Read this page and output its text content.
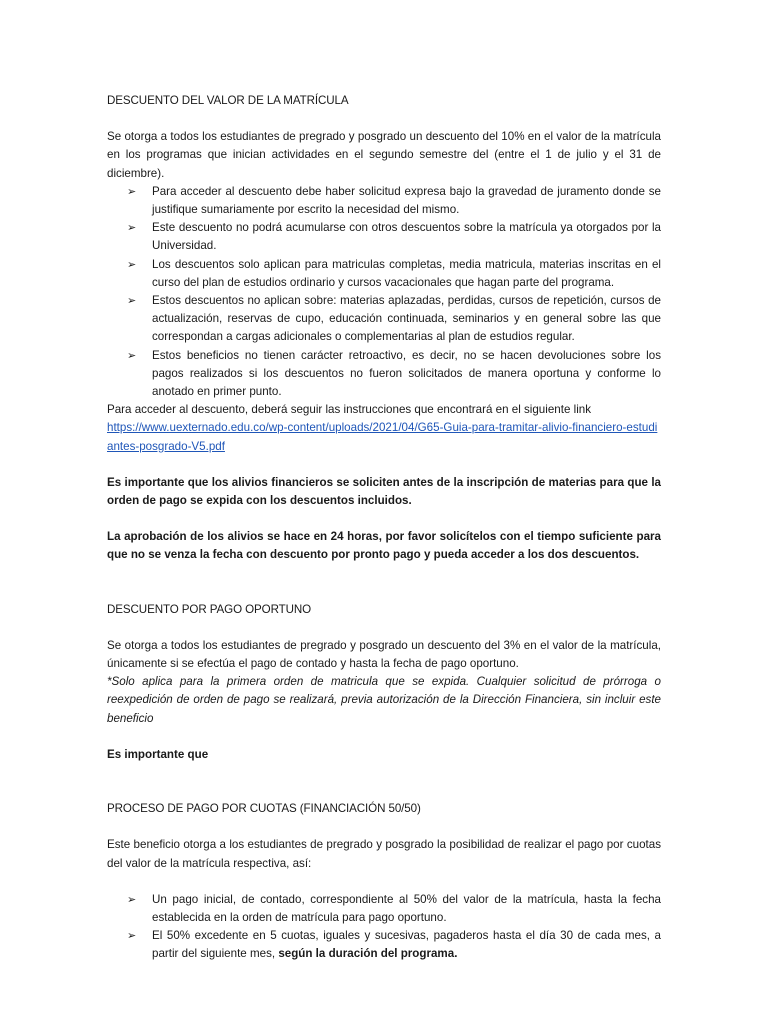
DESCUENTO DEL VALOR DE LA MATRÍCULA

Se otorga a todos los estudiantes de pregrado y posgrado un descuento del 10% en el valor de la matrícula en los programas que inician actividades en el segundo semestre del (entre el 1 de julio y el 31 de diciembre).

➢ Para acceder al descuento debe haber solicitud expresa bajo la gravedad de juramento donde se justifique sumariamente por escrito la necesidad del mismo.
➢ Este descuento no podrá acumularse con otros descuentos sobre la matrícula ya otorgados por la Universidad.
➢ Los descuentos solo aplican para matriculas completas, media matricula, materias inscritas en el curso del plan de estudios ordinario y cursos vacacionales que hagan parte del programa.
➢ Estos descuentos no aplican sobre: materias aplazadas, perdidas, cursos de repetición, cursos de actualización, reservas de cupo, educación continuada, seminarios y en general sobre las que correspondan a cargas adicionales o complementarias al plan de estudios regular.
➢ Estos beneficios no tienen carácter retroactivo, es decir, no se hacen devoluciones sobre los pagos realizados si los descuentos no fueron solicitados de manera oportuna y conforme lo anotado en primer punto.

Para acceder al descuento, deberá seguir las instrucciones que encontrará en el siguiente link

https://www.uexternado.edu.co/wp-content/uploads/2021/04/G65-Guia-para-tramitar-alivio-financiero-estudiantes-posgrado-V5.pdf

Es importante que los alivios financieros se soliciten antes de la inscripción de materias para que la orden de pago se expida con los descuentos incluidos.

La aprobación de los alivios se hace en 24 horas, por favor solicítelos con el tiempo suficiente para que no se venza la fecha con descuento por pronto pago y pueda acceder a los dos descuentos.

DESCUENTO POR PAGO OPORTUNO

Se otorga a todos los estudiantes de pregrado y posgrado un descuento del 3% en el valor de la matrícula, únicamente si se efectúa el pago de contado y hasta la fecha de pago oportuno.

*Solo aplica para la primera orden de matricula que se expida. Cualquier solicitud de prórroga o reexpedición de orden de pago se realizará, previa autorización de la Dirección Financiera, sin incluir este beneficio

Es importante que

PROCESO DE PAGO POR CUOTAS (FINANCIACIÓN 50/50)

Este beneficio otorga a los estudiantes de pregrado y posgrado la posibilidad de realizar el pago por cuotas del valor de la matrícula respectiva, así:

➢ Un pago inicial, de contado, correspondiente al 50% del valor de la matrícula, hasta la fecha establecida en la orden de matrícula para pago oportuno.
➢ El 50% excedente en 5 cuotas, iguales y sucesivas, pagaderos hasta el día 30 de cada mes, a partir del siguiente mes, según la duración del programa.
